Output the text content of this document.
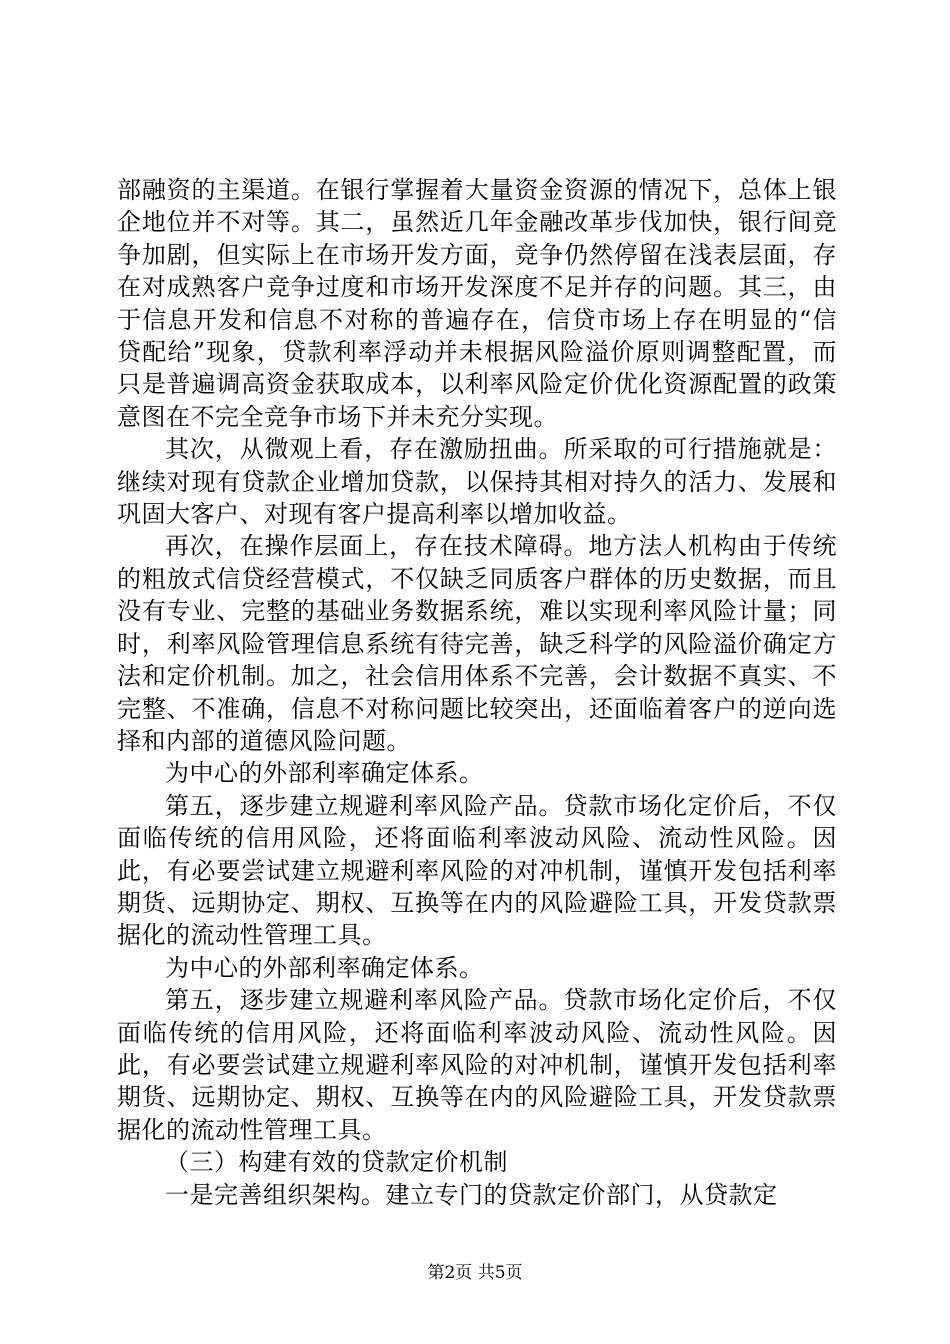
部融资的主渠道。在银行掌握着大量资金资源的情况下，总体上银企地位并不对等。其二，虽然近几年金融改革步伐加快，银行间竞争加剧，但实际上在市场开发方面，竞争仍然停留在浅表层面，存在对成熟客户竞争过度和市场开发深度不足并存的问题。其三，由于信息开发和信息不对称的普遍存在，信贷市场上存在明显的“信贷配给”现象，贷款利率浮动并未根据风险溢价原则调整配置，而只是普遍调高资金获取成本，以利率风险定价优化资源配置的政策意图在不完全竞争市场下并未充分实现。

其次，从微观上看，存在激励扭曲。所采取的可行措施就是：继续对现有贷款企业增加贷款，以保持其相对持久的活力、发展和巩固大客户、对现有客户提高利率以增加收益。

再次，在操作层面上，存在技术障碍。地方法人机构由于传统的粗放式信贷经营模式，不仅缺乏同质客户群体的历史数据，而且没有专业、完整的基础业务数据系统，难以实现利率风险计量；同时，利率风险管理信息系统有待完善，缺乏科学的风险溢价确定方法和定价机制。加之，社会信用体系不完善，会计数据不真实、不完整、不准确，信息不对称问题比较突出，还面临着客户的逆向选择和内部的道德风险问题。

为中心的外部利率确定体系。

第五，逐步建立规避利率风险产品。贷款市场化定价后，不仅面临传统的信用风险，还将面临利率波动风险、流动性风险。因此，有必要尝试建立规避利率风险的对冲机制，谨慎开发包括利率期货、远期协定、期权、互换等在内的风险避险工具，开发贷款票据化的流动性管理工具。

为中心的外部利率确定体系。

第五，逐步建立规避利率风险产品。贷款市场化定价后，不仅面临传统的信用风险，还将面临利率波动风险、流动性风险。因此，有必要尝试建立规避利率风险的对冲机制，谨慎开发包括利率期货、远期协定、期权、互换等在内的风险避险工具，开发贷款票据化的流动性管理工具。

（三）构建有效的贷款定价机制

一是完善组织架构。建立专门的贷款定价部门，从贷款定

第2页 共5页
